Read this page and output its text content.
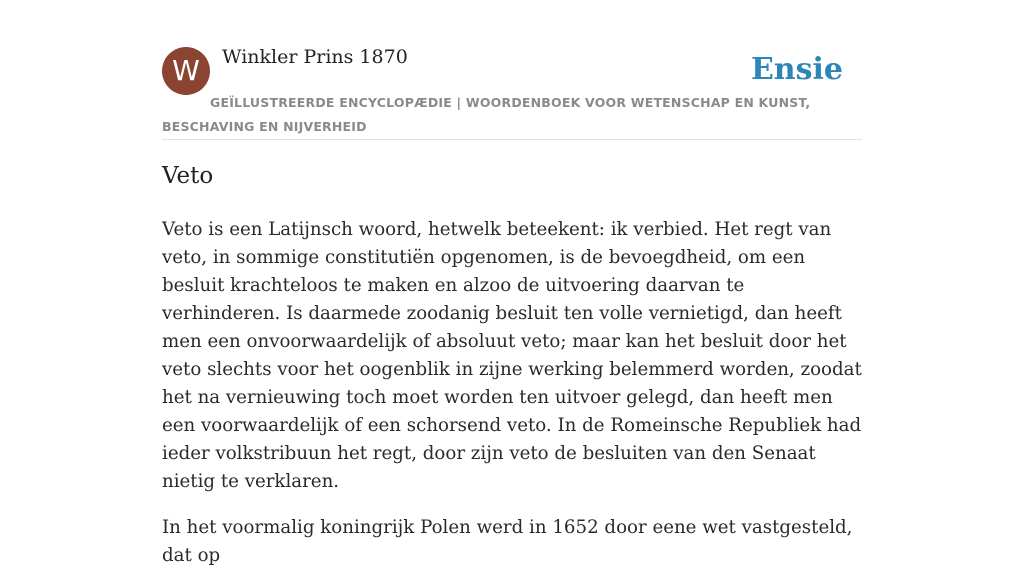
W	Winkler Prins 1870	Ensie
GEÏLLUSTREERDE ENCYCLOPÆDIE | WOORDENBOEK VOOR WETENSCHAP EN KUNST, BESCHAVING EN NIJVERHEID
Veto

Veto is een Latijnsch woord, hetwelk beteekent: ik verbied. Het regt van veto, in sommige constitutiën opgenomen, is de bevoegdheid, om een besluit krachteloos te maken en alzoo de uitvoering daarvan te verhinderen. Is daarmede zoodanig besluit ten volle vernietigd, dan heeft men een onvoorwaardelijk of absoluut veto; maar kan het besluit door het veto slechts voor het oogenblik in zijne werking belemmerd worden, zoodat het na vernieuwing toch moet worden ten uitvoer gelegd, dan heeft men een voorwaardelijk of een schorsend veto. In de Romeinsche Republiek had ieder volkstribuun het regt, door zijn veto de besluiten van den Senaat nietig te verklaren.

In het voormalig koningrijk Polen werd in 1652 door eene wet vastgesteld, dat op
